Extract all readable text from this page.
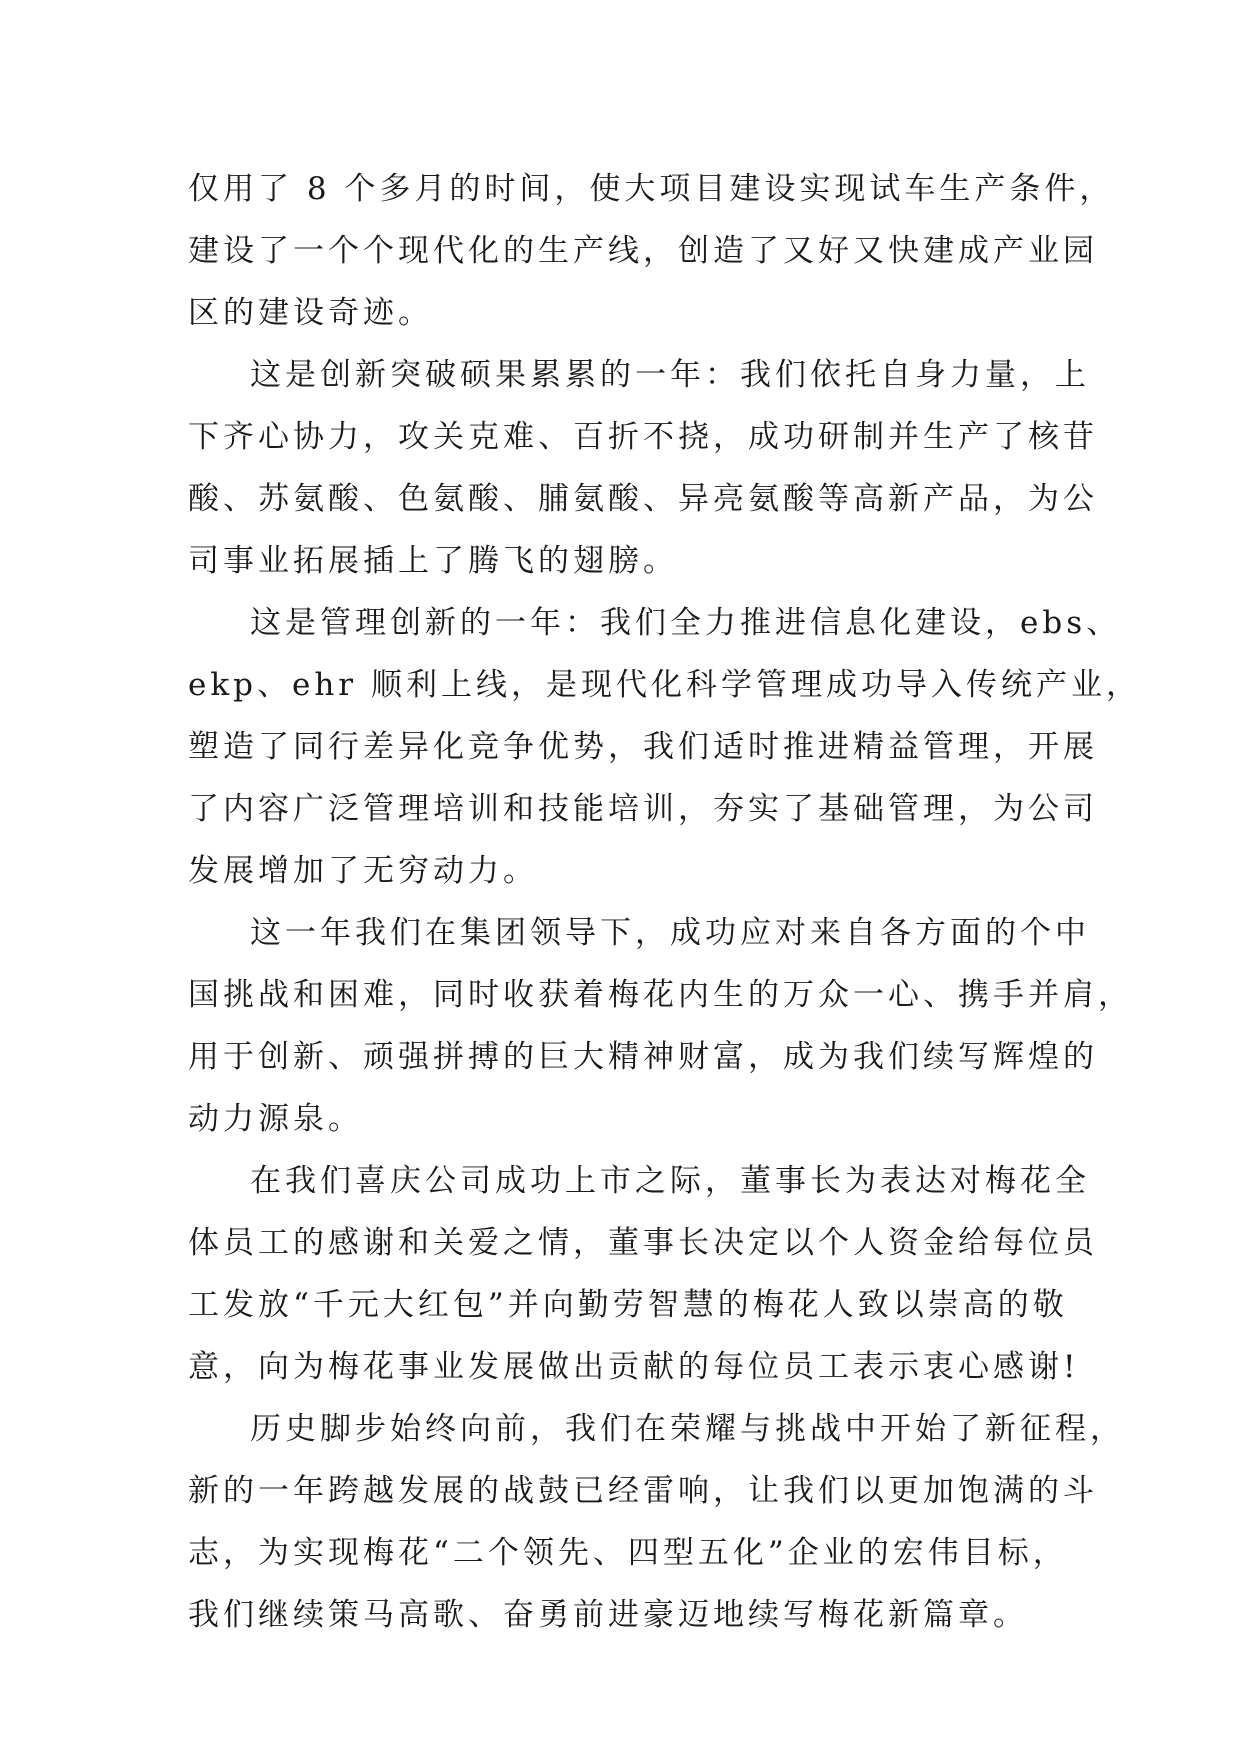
仅用了 8 个多月的时间，使大项目建设实现试车生产条件，
建设了一个个现代化的生产线，创造了又好又快建成产业园
区的建设奇迹。
这是创新突破硕果累累的一年：我们依托自身力量，上
下齐心协力，攻关克难、百折不挠，成功研制并生产了核苷
酸、苏氨酸、色氨酸、脯氨酸、异亮氨酸等高新产品，为公
司事业拓展插上了腾飞的翅膀。
这是管理创新的一年：我们全力推进信息化建设，ebs、
ekp、ehr 顺利上线，是现代化科学管理成功导入传统产业，
塑造了同行差异化竞争优势，我们适时推进精益管理，开展
了内容广泛管理培训和技能培训，夯实了基础管理，为公司
发展增加了无穷动力。
这一年我们在集团领导下，成功应对来自各方面的个中
国挑战和困难，同时收获着梅花内生的万众一心、携手并肩，
用于创新、顽强拼搏的巨大精神财富，成为我们续写辉煌的
动力源泉。
在我们喜庆公司成功上市之际，董事长为表达对梅花全
体员工的感谢和关爱之情，董事长决定以个人资金给每位员
工发放“千元大红包”并向勤劳智慧的梅花人致以崇高的敬
意，向为梅花事业发展做出贡献的每位员工表示衷心感谢!
历史脚步始终向前，我们在荣耀与挑战中开始了新征程，
新的一年跨越发展的战鼓已经雷响，让我们以更加饱满的斗
志，为实现梅花“二个领先、四型五化”企业的宏伟目标，
我们继续策马高歌、奋勇前进豪迈地续写梅花新篇章。
